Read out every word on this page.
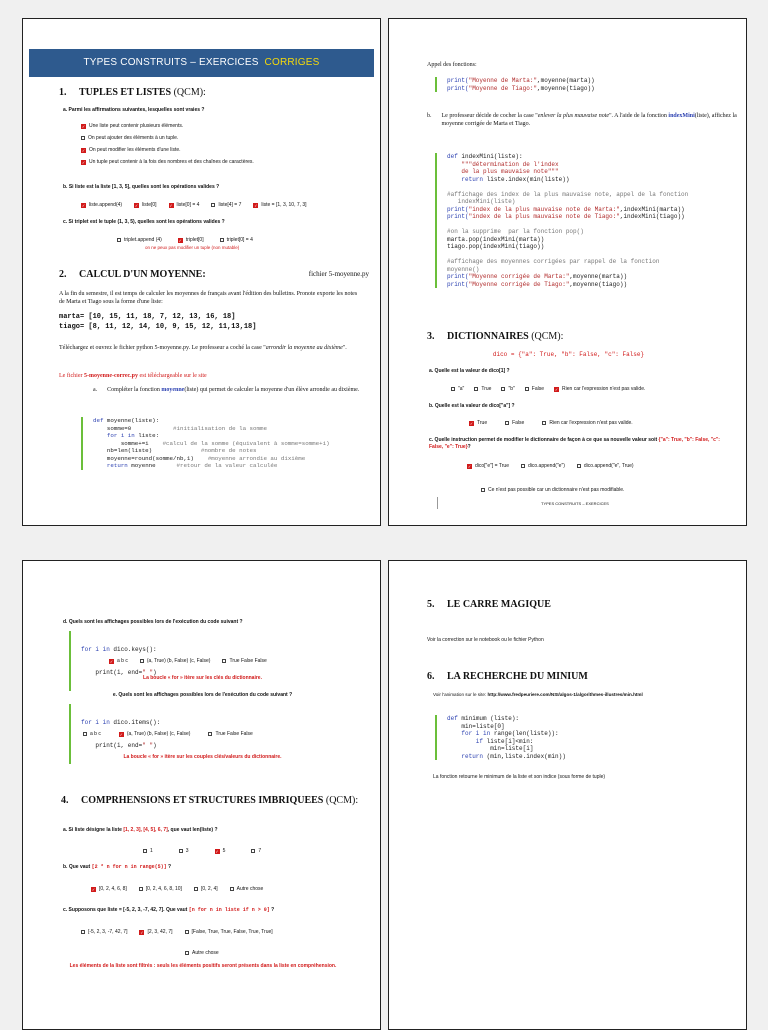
TYPES CONSTRUITS – EXERCICES CORRIGES
1. TUPLES ET LISTES (QCM):
a. Parmi les affirmations suivantes, lesquelles sont vraies ?
✓ Une liste peut contenir plusieurs éléments.
On peut ajouter des éléments à un tuple.
✓ On peut modifier les éléments d'une liste.
✓ Un tuple peut contenir à la fois des nombres et des chaînes de caractères.
b. Si liste est la liste [1, 3, 5], quelles sont les opérations valides ?
✓ liste.append(4)	✓ liste[0]	✓ liste[0] = 4	liste[4] = 7	✓ liste = [1, 3, 10, 7, 3]
c. Si triplet est le tuple (1, 3, 5), quelles sont les opérations valides ?
triplet.append (4)	✓ triplet[0]	triplet[0] = 4
on ne peux pas modifier un tuple (non mutable)
2. CALCUL D'UN MOYENNE:	fichier 5-moyenne.py
A la fin du semestre, il est temps de calculer les moyennes de français avant l'édition des bulletins. Pronote exporte les notes de Marta et Tiago sous la forme d'une liste:
marta= [10, 15, 11, 18, 7, 12, 13, 16, 18]
tiago= [8, 11, 12, 14, 10, 9, 15, 12, 11,13,18]
Téléchargez et ouvrez le fichier python 5-moyenne.py. Le professeur a coché la case "arrondir la moyenne au dixième".
Le fichier 5-moyenne-correc.py est téléchargeable sur le site
a. Compléter la fonction moyenne(liste) qui permet de calculer la moyenne d'un élève arrondie au dixième.
def moyenne(liste):
somme=0            #initialisation de la somme
for i in liste:
somme+=i    #calcul de la somme (équivalent à somme=somme+i)
nb=len(liste)              #nombre de notes
moyenne=round(somme/nb,1)    #moyenne arrondie au dixième
return moyenne      #retour de la valeur calculée
Appel des fonctions:
print("Moyenne de Marta:",moyenne(marta))
print("Moyenne de Tiago:",moyenne(tiago))
b. Le professeur décide de cocher la case "enlever la plus mauvaise note". A l'aide de la fonction indexMini(liste), affichez la moyenne corrigée de Marta et Tiago.
def indexMini(liste):
"""détermination de l'index
de la plus mauvaise note"""
return liste.index(min(liste))

#affichage des index de la plus mauvaise note, appel de la fonction
indexMini(liste)
print("index de la plus mauvaise note de Marta:",indexMini(marta))
print("index de la plus mauvaise note de Tiago:",indexMini(tiago))

#on la supprime  par la fonction pop()
marta.pop(indexMini(marta))
tiago.pop(indexMini(tiago))

#affichage des moyennes corrigées par rappel de la fonction
moyenne()
print("Moyenne corrigée de Marta:",moyenne(marta))
print("Moyenne corrigée de Tiago:",moyenne(tiago))
3. DICTIONNAIRES (QCM):
dico = {"a": True, "b": False, "c": False}
a. Quelle est la valeur de dico[1] ?
"a"	True	"b"	False	✓ Rien car l'expression n'est pas valide.
b. Quelle est la valeur de dico["a"] ?
✓ True	False	Rien car l'expression n'est pas valide.
c. Quelle instruction permet de modifier le dictionnaire de façon à ce que sa nouvelle valeur soit {"a": True, "b": False, "c": False, "e": True}?
✓ dico["e"] = True	dico.append("e")	dico.append("e", True)
Ce n'est pas possible car un dictionnaire n'est pas modifiable.
TYPES CONSTRUITS – EXERCICES
d. Quels sont les affichages possibles lors de l'exécution du code suivant ?

for i in dico.keys():

print(i, end=" ")

✓ a b c	(a, True) (b, False) (c, False)	True False False
La boucle « for » itère sur les clés du dictionnaire.
e. Quels sont les affichages possibles lors de l'exécution du code suivant ?

for i in dico.items():

print(i, end=" ")

a b c	✓ (a, True) (b, False) (c, False)	True False False
La boucle « for » itère sur les couples clés/valeurs du dictionnaire.
4. COMPRHENSIONS ET STRUCTURES IMBRIQUEES (QCM):
a. Si liste désigne la liste [1, 2, 3], [4, 5], 6, 7], que vaut len(liste) ?
1	3	✓ 5	7
b. Que vaut [2 * n for n in range(5)] ?
✓ [0, 2, 4, 6, 8]	[0, 2, 4, 6, 8, 10]	[0, 2, 4]	Autre chose
c. Supposons que liste = [-5, 2, 3, -7, 42, 7]. Que vaut [n for n in liste if n > 0] ?
[-5, 2, 3, -7, 42, 7]	✓ [2, 3, 42, 7]	[False, True, True, False, True, True]
Autre chose
Les éléments de la liste sont filtrés : seuls les éléments positifs seront présents dans la liste en compréhension.
5. LE CARRE MAGIQUE
Voir la correction sur le notebook ou le fichier Python
6. LA RECHERCHE DU MINIUM
Voir l'animation sur le site: http://www.fredpeuriere.com/NSI/algos-1/algorithmes-illustres/min.html
def minimum (liste):
min=liste[0]
for i in range(len(liste)):
if liste[i]<min:
min=liste[i]
return (min,liste.index(min))
La fonction retourne le minimum de la liste et son indice (sous forme de tuple)
